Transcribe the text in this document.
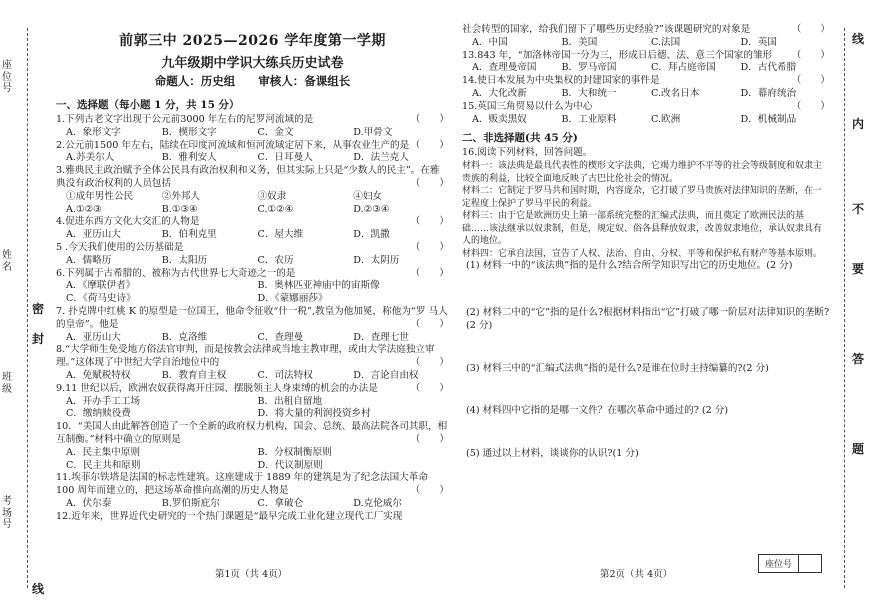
考场号
班级
姓名
座位号
密
封
线
线
内
不
要
答
题
前郭三中 2025—2026 学年度第一学期
九年级期中学识大练兵历史试卷
命题人：历史组　　审核人：备课组长
一、选择题（每小题 1 分，共 15 分）

1.下列古老文字出现于公元前3000 年左右的尼罗河流域的是	（　　）

A．象形文字	B．楔形文字	C．金文	D.甲骨文

2.公元前1500 年左右，陆续在印度河流域和恒河流域定居下来，从事农业生产的是 （　　）

A.苏美尔人	B．雅利安人	C．日耳曼人	D．法兰克人

3.雅典民主政治赋予全体公民具有政治权利和义务，但其实际上只是“少数人的民主”。在雅典没有政治权利的人员包括	（　　）

①成年男性公民	②外邦人	③奴隶	④妇女
A.①②③	B.①③④	C.①②④	D.②③④

4.促进东西方文化大交汇的人物是	（　　）

A．亚历山大	B．伯利克里	C．屋大维	D．凯撒

5 .今天我们使用的公历基础是	（　　）

A．儒略历	B．太阳历	C．农历	D．太阴历

6.下列属于古希腊的、被称为古代世界七大奇迹之一的是	（　　）

A．《摩联伊者》	B．奥林匹亚神庙中的宙斯像
C．《荷马史诗》	D．《蒙娜丽莎》

7. 扑克牌中红桃 K 的原型是一位国王，他命令征收“什一税”,教皇为他加冕，称他为“罗 马人的皇帝”。他是	（　　）

A．亚历山大	B．克洛维	C．查理曼	D．查理七世

8.“大学师生免受地方俗法官审判，而是按教会法律或当地主教审理，或由大学法庭独立审理。”这体现了中世纪大学自治地位中的	（　　）

A．免赋税特权	B．教育自主权	C．司法特权	D．言论自由权

9.11 世纪以后，欧洲农奴获得离开庄园、摆脱领主人身束缚的机会的办法是	（　　）

A．开办手工工场	B．出租自留地
C．缴纳赎役费	D．将大量的利润投资乡村

10．“美国人由此解答创造了一个全新的政府权力机构，国会、总统、最高法院各司其职，相互制衡。”材料中确立的原则是	（　　）

A．民主集中原则	B．分权制衡原则
C．民主共和原则	D．代议制原则

11.埃菲尔铁塔是法国的标志性建筑。这座建成于 1889 年的建筑是为了纪念法国大革命 100 周年而建立的，把这场革命推向高潮的历史人物是	（　　）

A．伏尔泰	B.罗伯斯庇尔	C．拿破仑	D.克伦威尔

12.近年来，世界近代史研究的一个热门课题是“最早完成工业化建立现代工厂实现

第1页（共 4页）

社会转型的国家，给我们留下了哪些历史经验?”该课题研究的对象是	（　　）

A．中国	B．美国	C.法国	D．英国

13.843 年，“加洛林帝国一分为三，形成日后德、法、意三个国家的雏形 （　　）

A．查理曼帝国	B．罗马帝国	C．拜占庭帝国	D．古代希腊

14.使日本发展为中央集权的封建国家的事件是	（　　）

A．大化改新	B．大和统一	C.改名日本	D．幕府统治

15.英国三角贸易以什么为中心	（　　）

A．贩卖黑奴	B．工业原料	C.欧洲	D．机械制品
二、非选择题(共 45 分)

16.阅读下列材料，回答问题。

材料一：该法典是最具代表性的楔形文字法典，它竭力维护不平等的社会等级制度和奴隶主贵族的利益，比较全面地反映了古巴比伦社会的情况。

材料二：它制定于罗马共和国时期，内容庞杂，它打破了罗马贵族对法律知识的垄断，在一定程度上保护了罗马平民的利益。

材料三：由于它是欧洲历史上第一部系统完整的汇编式法典，而且奠定了欧洲民法的基础……该法继承以奴隶制，但是，规定奴、俗各县释放奴隶，改善奴隶地位，承认奴隶具有人的地位。

材料四：它承自法国，宣告了人权、法治、自由、分权、平等和保护私有财产等基本原则。

(1) 材料一中的“该法典”指的是什么?结合所学知识写出它的历史地位。(2 分)

(2) 材料二中的“它”指的是什么?根据材料指出“它”打破了哪一阶层对法律知识的垄断?(2 分)

(3) 材料三中的“汇编式法典”指的是什么?是谁在位时主持编纂的?(2 分)

(4) 材料四中它指的是哪一文件？在哪次革命中通过的? (2 分)

(5) 通过以上材料，谈谈你的认识?(1 分)

第2页（共 4页）
座位号
